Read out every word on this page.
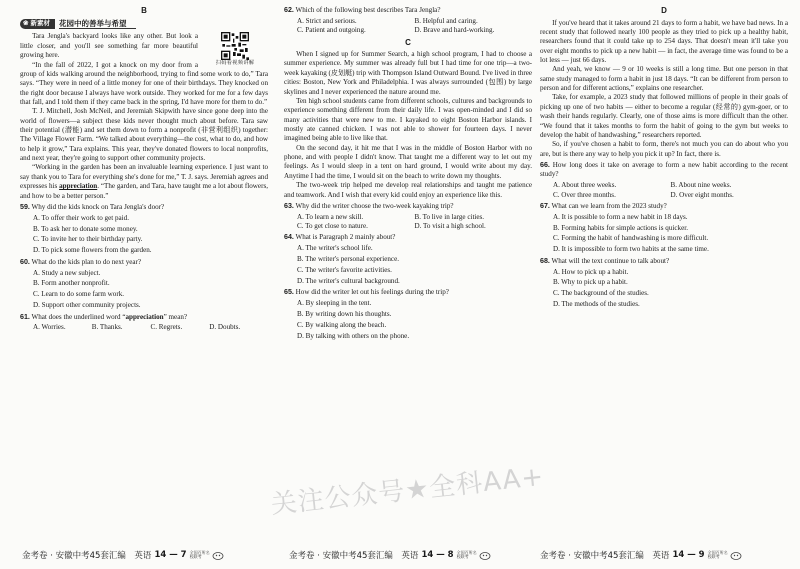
B
❀ 新素材 花园中的善举与希望
扫码看视频讲解

Tara Jengla's backyard looks like any other. But look a little closer, and you'll see something far more beautiful growing here.

“In the fall of 2022, I got a knock on my door from a group of kids walking around the neighborhood, trying to find some work to do,” Tara says. “They were in need of a little money for one of their birthdays. They knocked on the right door because I always have work outside. They worked for me for a few days that fall, and I told them if they came back in the spring, I'd have more for them to do.”

T. J. Mitchell, Josh McNeil, and Jeremiah Skipwith have since gone deep into the world of flowers—a subject these kids never thought much about before. Tara saw their potential (潜能) and set them down to form a nonprofit (非营利组织) together: The Village Flower Farm. “We talked about everything—the cost, what to do, and how to help it grow,” Tara explains. This year, they've donated flowers to local nonprofits, and next year, they're going to support other community projects.

“Working in the garden has been an invaluable learning experience. I just want to say thank you to Tara for everything she's done for me,” T. J. says. Jeremiah agrees and expresses his appreciation. “The garden, and Tara, have taught me a lot about flowers, and how to be a better person.”

59. Why did the kids knock on Tara Jengla's door?

A. To offer their work to get paid.

B. To ask her to donate some money.

C. To invite her to their birthday party.

D. To pick some flowers from the garden.

60. What do the kids plan to do next year?

A. Study a new subject.

B. Form another nonprofit.

C. Learn to do some farm work.

D. Support other community projects.

61. What does the underlined word “appreciation” mean?

A. Worries.	B. Thanks.	C. Regrets.	D. Doubts.

62. Which of the following best describes Tara Jengla?

A. Strict and serious.	B. Helpful and caring.
C. Patient and outgoing.	D. Brave and hard-working.
C

When I signed up for Summer Search, a high school program, I had to choose a summer experience. My summer was already full but I had time for one trip—a two-week kayaking (皮划艇) trip with Thompson Island Outward Bound. I've lived in three cities: Boston, New York and Philadelphia. I was always surrounded (包围) by large skylines and I never experienced the nature around me.

Ten high school students came from different schools, cultures and backgrounds to experience something different from their daily life. I was open-minded and I did so many activities that were new to me. I kayaked to eight Boston Harbor islands. I mostly ate canned chicken. I was not able to shower for fourteen days. I never imagined being able to live like that.

On the second day, it hit me that I was in the middle of Boston Harbor with no phone, and with people I didn't know. That taught me a different way to let out my feelings. As I would sleep in a tent on hard ground, I would write about my day. Anytime I had the time, I would sit on the beach to write down my thoughts.

The two-week trip helped me develop real relationships and taught me patience and teamwork. And I wish that every kid could enjoy an experience like this.

63. Why did the writer choose the two-week kayaking trip?

A. To learn a new skill.	B. To live in large cities.
C. To get close to nature.	D. To visit a high school.

64. What is Paragraph 2 mainly about?

A. The writer's school life.

B. The writer's personal experience.

C. The writer's favorite activities.

D. The writer's cultural background.

65. How did the writer let out his feelings during the trip?

A. By sleeping in the tent.

B. By writing down his thoughts.

C. By walking along the beach.

D. By talking with others on the phone.

D

If you've heard that it takes around 21 days to form a habit, we have bad news. In a recent study that followed nearly 100 people as they tried to pick up a healthy habit, researchers found that it could take up to 254 days. That doesn't mean it'll take you over eight months to pick up a new habit — in fact, the average time was found to be a lot less — just 66 days.

And yeah, we know — 9 or 10 weeks is still a long time. But one person in that same study managed to form a habit in just 18 days. “It can be different from person to person and for different actions,” explains one researcher.

Take, for example, a 2023 study that followed millions of people in their goals of picking up one of two habits — either to become a regular (经常的) gym-goer, or to wash their hands regularly. Clearly, one of those aims is more difficult than the other. “We found that it takes months to form the habit of going to the gym but weeks to develop the habit of handwashing,” researchers reported.

So, if you've chosen a habit to form, there's not much you can do about who you are, but is there any way to help you pick it up? In fact, there is.

66. How long does it take on average to form a new habit according to the recent study?

A. About three weeks.	B. About nine weeks.
C. Over three months.	D. Over eight months.

67. What can we learn from the 2023 study?

A. It is possible to form a new habit in 18 days.

B. Forming habits for simple actions is quicker.

C. Forming the habit of handwashing is more difficult.

D. It is impossible to form two habits at the same time.

68. What will the text continue to talk about?

A. How to pick up a habit.

B. Why to pick up a habit.

C. The background of the studies.

D. The methods of the studies.

金考卷 · 安徽中考45套汇编　英语 14 — 7 全国百所名校联考	金考卷 · 安徽中考45套汇编　英语 14 — 8 全国百所名校联考	金考卷 · 安徽中考45套汇编　英语 14 — 9 全国百所名校联考
关注公众号★全科AA+
